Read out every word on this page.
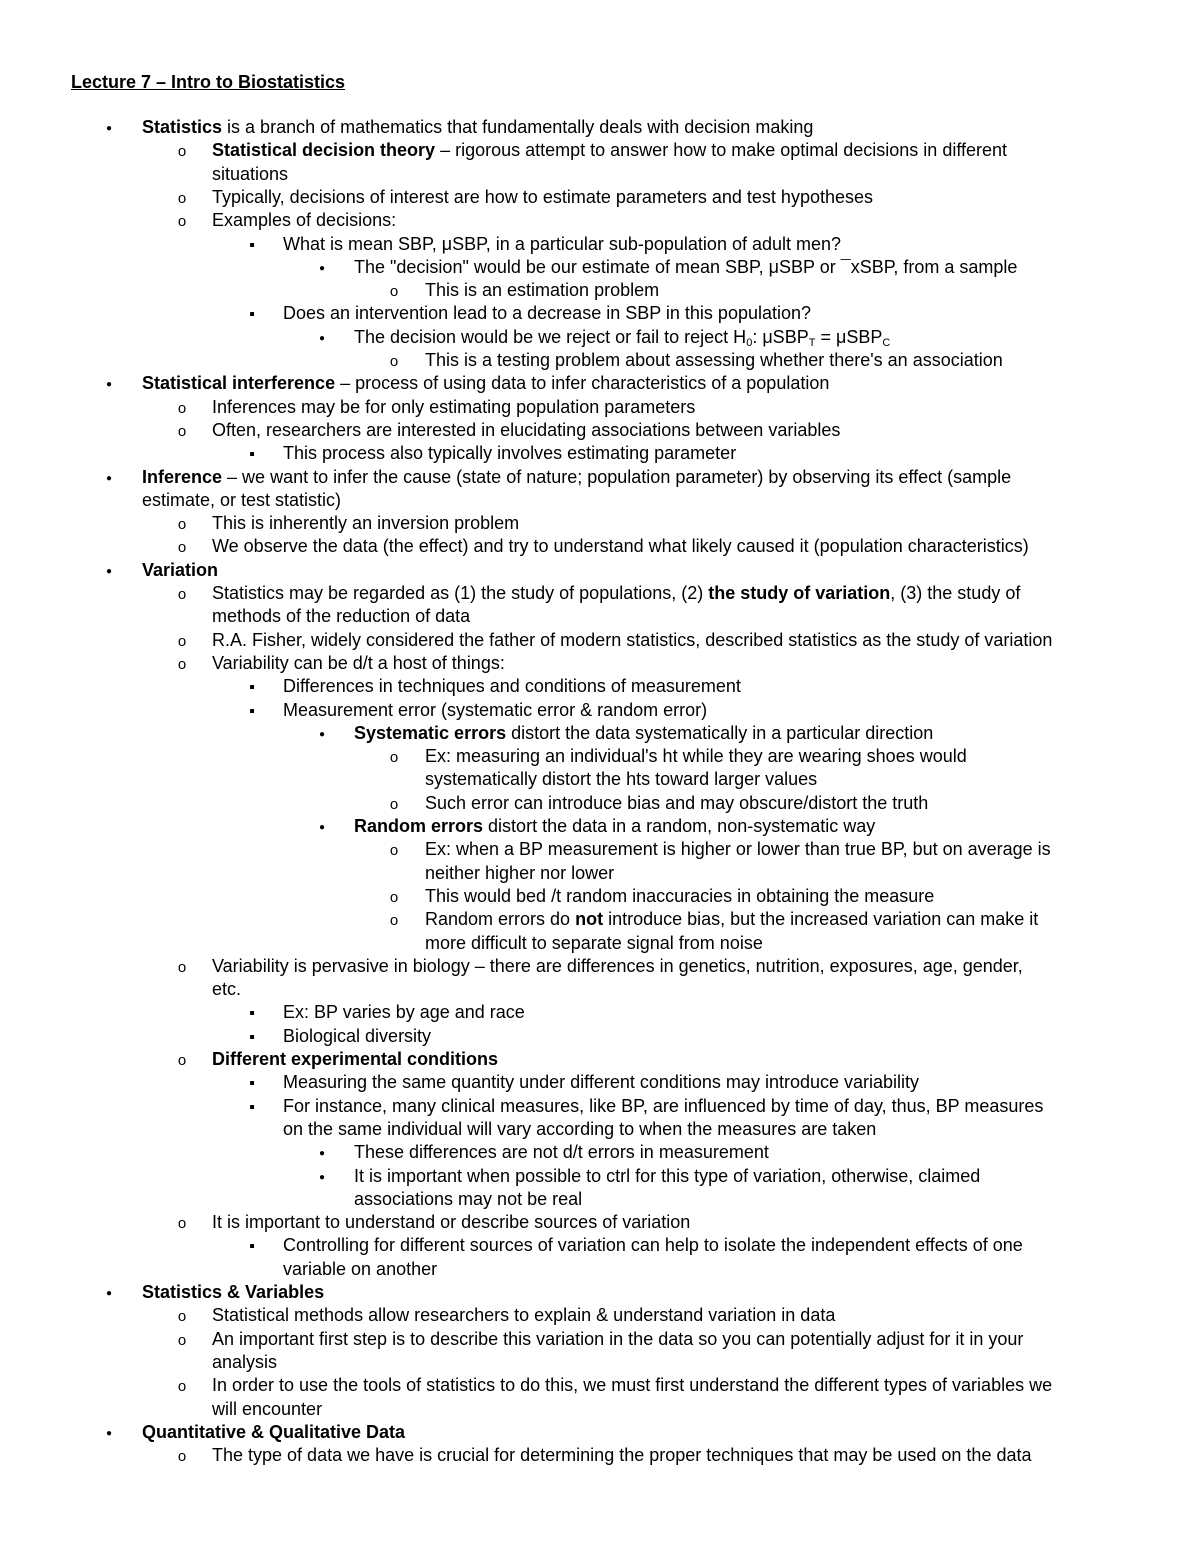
Lecture 7 – Intro to Biostatistics
●
Statistics is a branch of mathematics that fundamentally deals with decision making
o
Statistical decision theory – rigorous attempt to answer how to make optimal decisions in different
situations
o
Typically, decisions of interest are how to estimate parameters and test hypotheses
o
Examples of decisions:
▪
What is mean SBP, μSBP, in a particular sub-population of adult men?
●
The "decision" would be our estimate of mean SBP, μSBP or ¯xSBP, from a sample
o
This is an estimation problem
▪
Does an intervention lead to a decrease in SBP in this population?
●
The decision would be we reject or fail to reject $H_0$: μSBP$_T$ = μSBP$_C$
o
This is a testing problem about assessing whether there's an association
●
Statistical interference – process of using data to infer characteristics of a population
o
Inferences may be for only estimating population parameters
o
Often, researchers are interested in elucidating associations between variables
▪
This process also typically involves estimating parameter
●
Inference – we want to infer the cause (state of nature; population parameter) by observing its effect (sample
estimate, or test statistic)
o
This is inherently an inversion problem
o
We observe the data (the effect) and try to understand what likely caused it (population characteristics)
●
Variation
o
Statistics may be regarded as (1) the study of populations, (2) the study of variation, (3) the study of
methods of the reduction of data
o
R.A. Fisher, widely considered the father of modern statistics, described statistics as the study of variation
o
Variability can be d/t a host of things:
▪
Differences in techniques and conditions of measurement
▪
Measurement error (systematic error & random error)
●
Systematic errors distort the data systematically in a particular direction
o
Ex: measuring an individual's ht while they are wearing shoes would
systematically distort the hts toward larger values
o
Such error can introduce bias and may obscure/distort the truth
●
Random errors distort the data in a random, non-systematic way
o
Ex: when a BP measurement is higher or lower than true BP, but on average is
neither higher nor lower
o
This would bed /t random inaccuracies in obtaining the measure
o
Random errors do not introduce bias, but the increased variation can make it
more difficult to separate signal from noise
o
Variability is pervasive in biology – there are differences in genetics, nutrition, exposures, age, gender,
etc.
▪
Ex: BP varies by age and race
▪
Biological diversity
o
Different experimental conditions
▪
Measuring the same quantity under different conditions may introduce variability
▪
For instance, many clinical measures, like BP, are influenced by time of day, thus, BP measures
on the same individual will vary according to when the measures are taken
●
These differences are not d/t errors in measurement
●
It is important when possible to ctrl for this type of variation, otherwise, claimed
associations may not be real
o
It is important to understand or describe sources of variation
▪
Controlling for different sources of variation can help to isolate the independent effects of one
variable on another
●
Statistics & Variables
o
Statistical methods allow researchers to explain & understand variation in data
o
An important first step is to describe this variation in the data so you can potentially adjust for it in your
analysis
o
In order to use the tools of statistics to do this, we must first understand the different types of variables we
will encounter
●
Quantitative & Qualitative Data
o
The type of data we have is crucial for determining the proper techniques that may be used on the data
